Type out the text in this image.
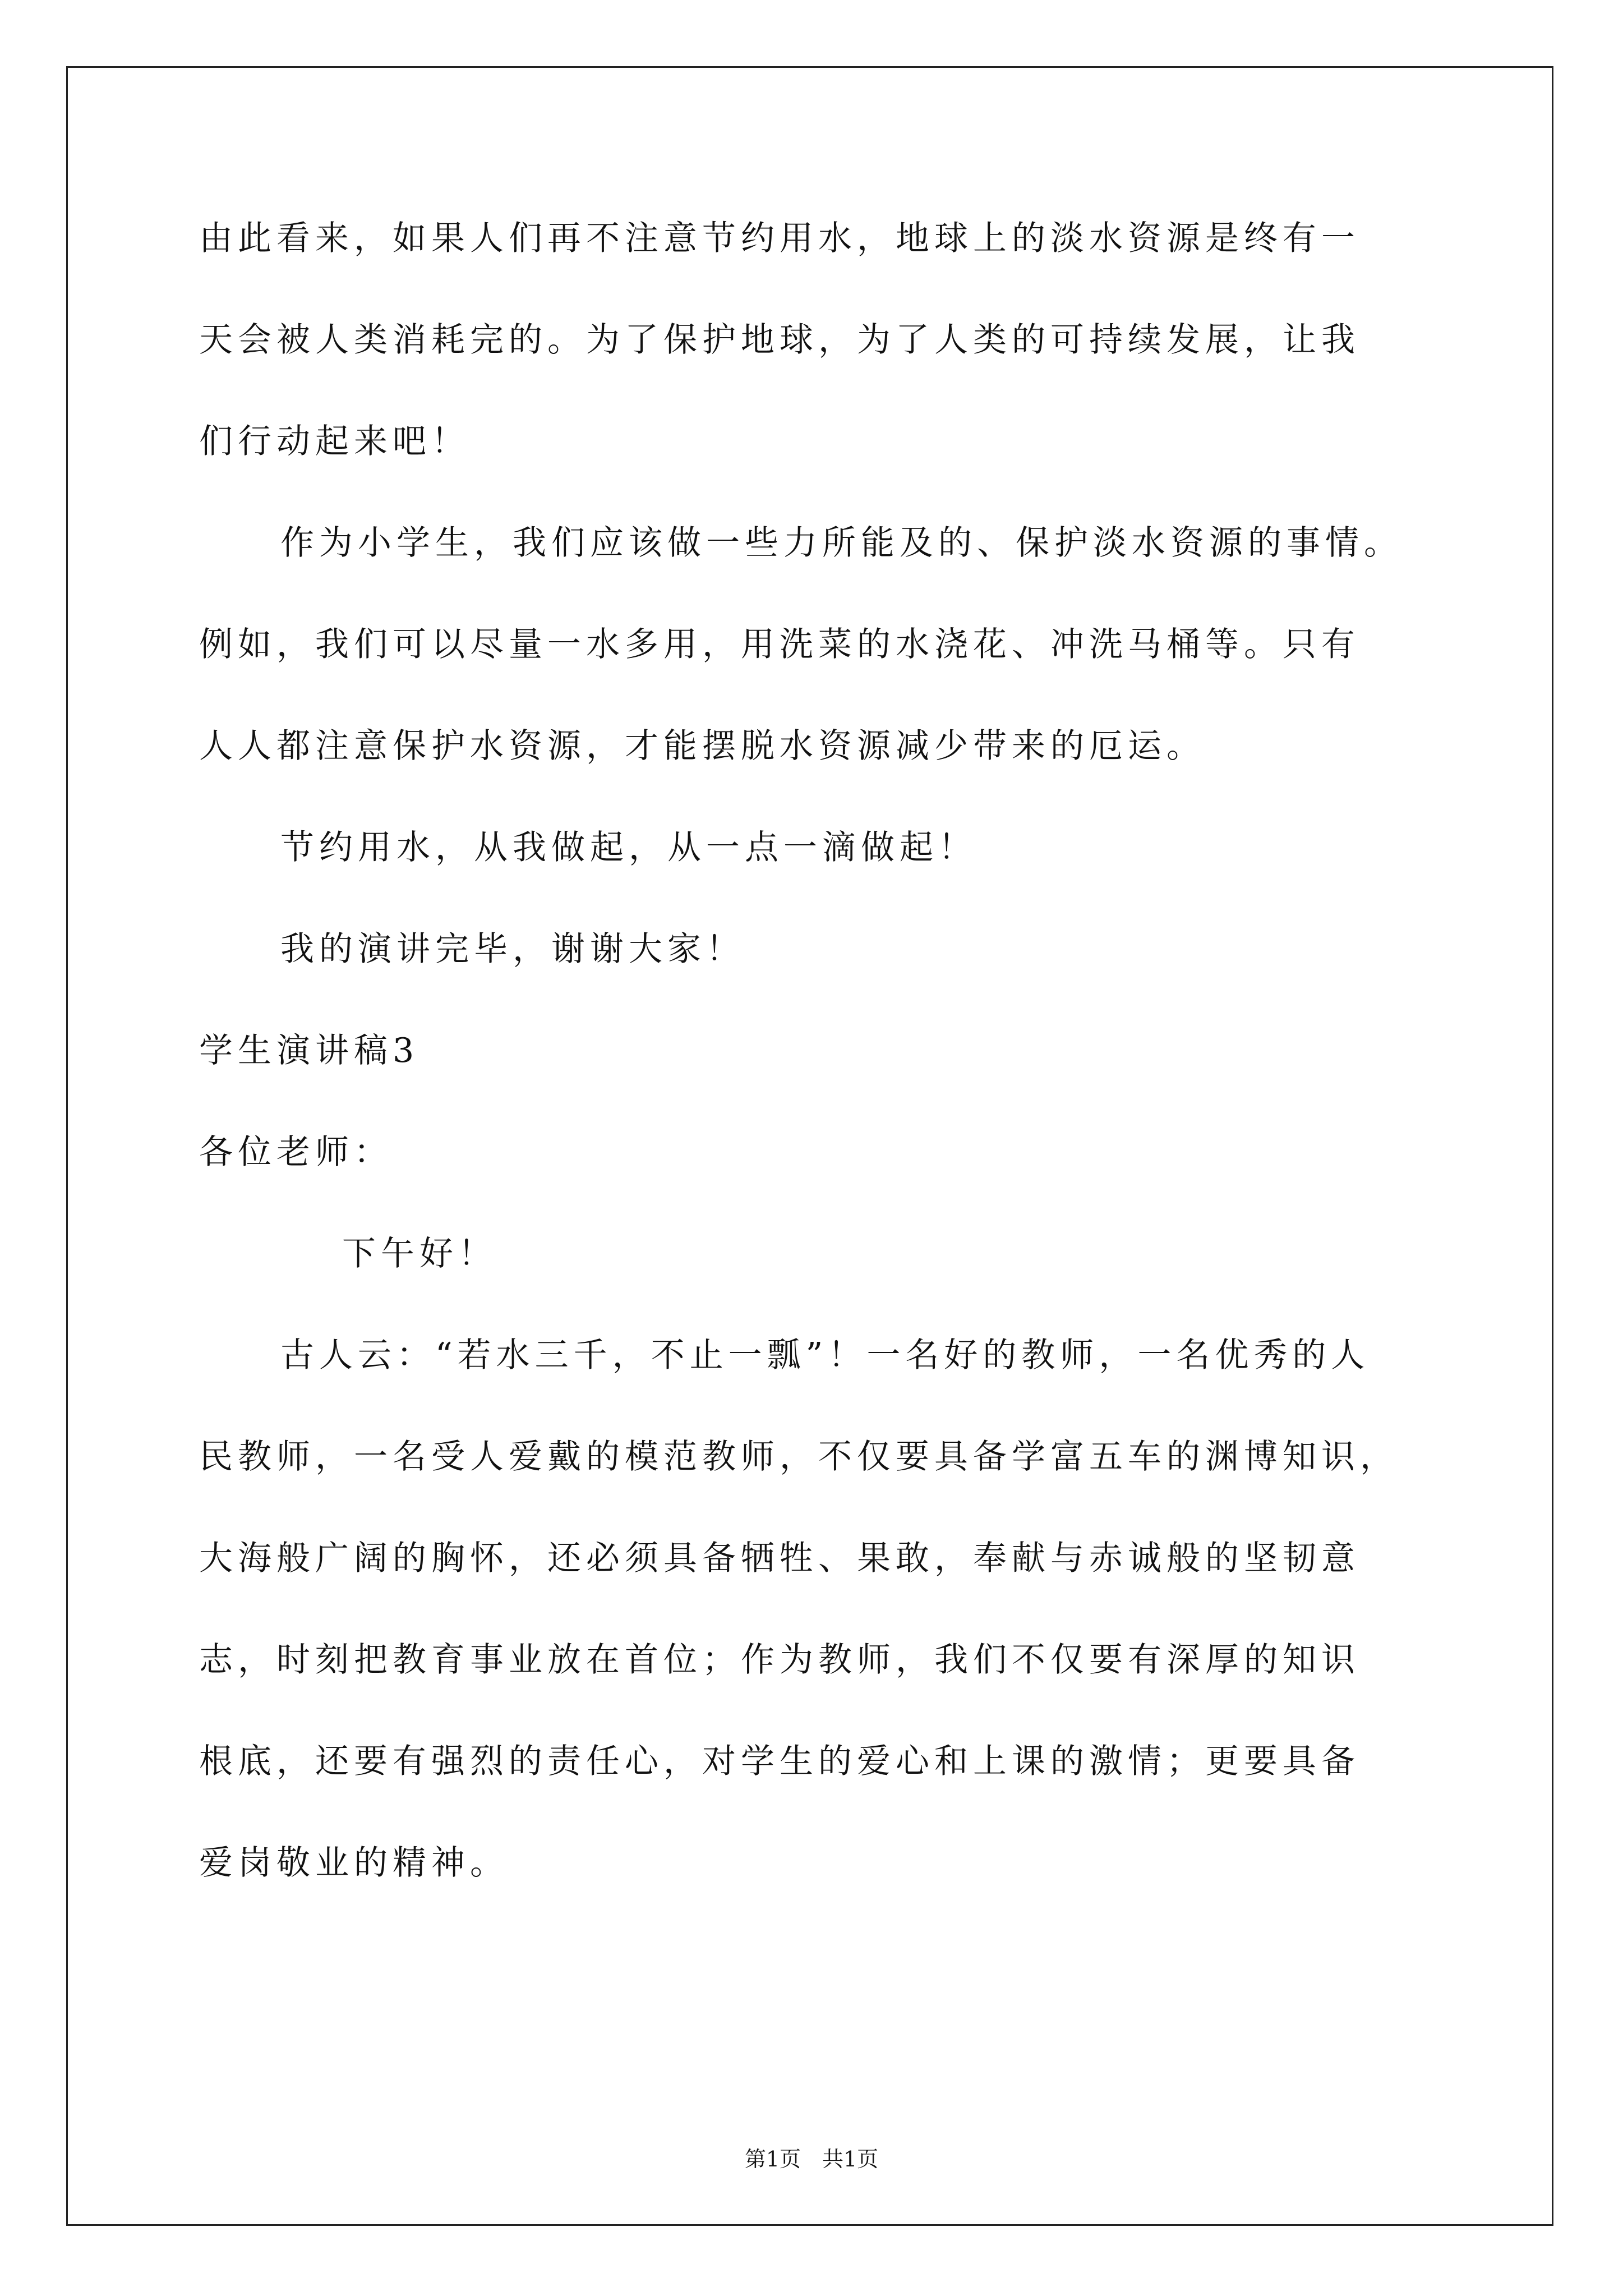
由此看来，如果人们再不注意节约用水，地球上的淡水资源是终有一
天会被人类消耗完的。为了保护地球，为了人类的可持续发展，让我
们行动起来吧！
作为小学生，我们应该做一些力所能及的、保护淡水资源的事情。
例如，我们可以尽量一水多用，用洗菜的水浇花、冲洗马桶等。只有
人人都注意保护水资源，才能摆脱水资源减少带来的厄运。
节约用水，从我做起，从一点一滴做起！
我的演讲完毕，谢谢大家！
学生演讲稿3
各位老师：
下午好！
古人云：“若水三千，不止一瓢”！一名好的教师，一名优秀的人
民教师，一名受人爱戴的模范教师，不仅要具备学富五车的渊博知识，
大海般广阔的胸怀，还必须具备牺牲、果敢，奉献与赤诚般的坚韧意
志，时刻把教育事业放在首位；作为教师，我们不仅要有深厚的知识
根底，还要有强烈的责任心，对学生的爱心和上课的激情；更要具备
爱岗敬业的精神。
第1页　共1页
